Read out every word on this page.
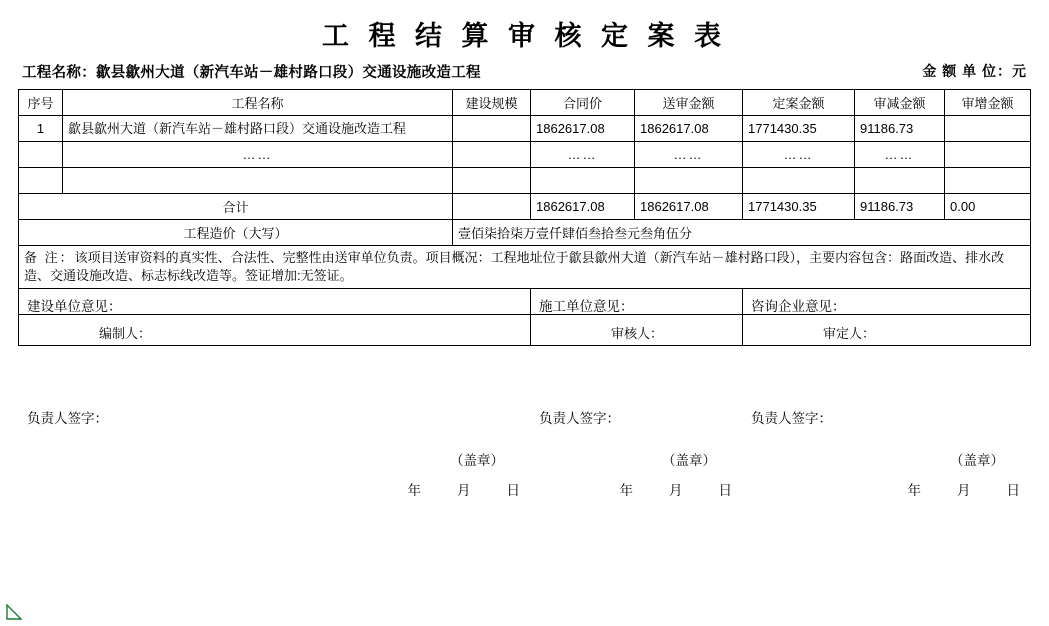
工 程 结 算 审 核 定 案 表
工程名称：歙县歙州大道（新汽车站－雄村路口段）交通设施改造工程	金 额 单 位：元
序号	工程名称	建设规模	合同价	送审金额	定案金额	审减金额	审增金额
1	歙县歙州大道（新汽车站－雄村路口段）交通设施改造工程		1862617.08	1862617.08	1771430.35	91186.73	
	……		……	……	……	……	

合计			1862617.08	1862617.08	1771430.35	91186.73	0.00
工程造价（大写）		壹佰柒拾柒万壹仟肆佰叁拾叁元叁角伍分					
备 注：该项目送审资料的真实性、合法性、完整性由送审单位负责。项目概况：工程地址位于歙县歙州大道（新汽车站－雄村路口段），主要内容包含：路面改造、排水改造、交通设施改造、标志标线改造等。签证增加:无签证。							

建设单位意见：
负责人签字：
（盖章）
年	月	日

施工单位意见：
负责人签字：
（盖章）
年	月	日

咨询企业意见：
负责人签字：
（盖章）
年	月	日

编制人：			审核人：		审定人：		
